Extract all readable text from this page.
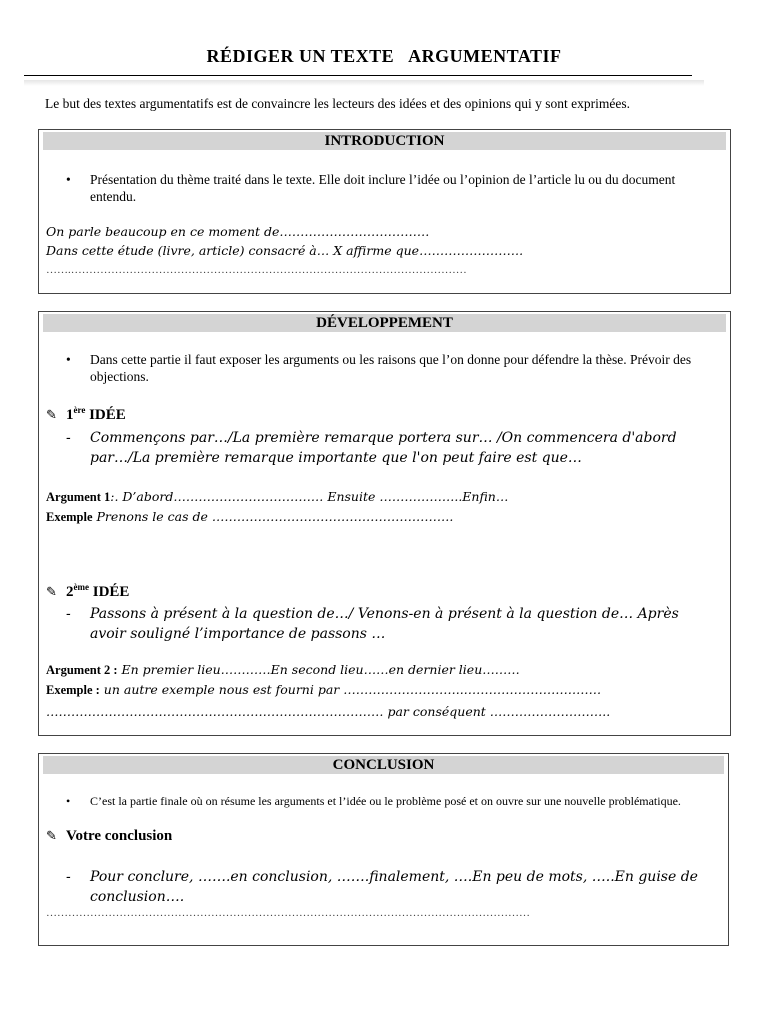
RÉDIGER UN TEXTE   ARGUMENTATIF
Le but des textes argumentatifs est de convaincre les lecteurs des idées et des opinions qui y sont exprimées.
INTRODUCTION
• Présentation du thème traité dans le texte. Elle doit inclure l’idée ou l’opinion de l’article lu ou du document entendu.
On parle beaucoup en ce moment de………………………………
Dans cette étude (livre, article) consacré à… X affirme que…………………….
…….………………………………………………………………………………………………
DÉVELOPPEMENT
• Dans cette partie il faut exposer les arguments ou les raisons que l’on donne pour défendre la thèse. Prévoir des objections.
✎ 1ère IDÉE
-	Commençons par…/La première remarque portera sur… /On commencera d'abord par…/La première remarque importante que l'on peut faire est que…
Argument 1:. D’abord……………………………… Ensuite ………………..Enfin…
Exemple Prenons le cas de ………………………………………………….
✎ 2ème IDÉE
-	Passons à présent à la question de…/ Venons-en à présent à la question de… Après avoir souligné l’importance de passons …
Argument 2 : En premier lieu…………En second lieu……en dernier lieu………
Exemple : un autre exemple nous est fourni par ………………………..……………………………
……………………………………………………………………… par conséquent ………………………..
CONCLUSION
• C’est la partie finale où on résume les arguments et l’idée ou le problème posé et on ouvre sur une nouvelle problématique.
✎ Votre conclusion
-	Pour conclure, …….en conclusion, …….finalement, ….En peu de mots, …..En guise de conclusion….
……………………………………………………………………………………………………………………
